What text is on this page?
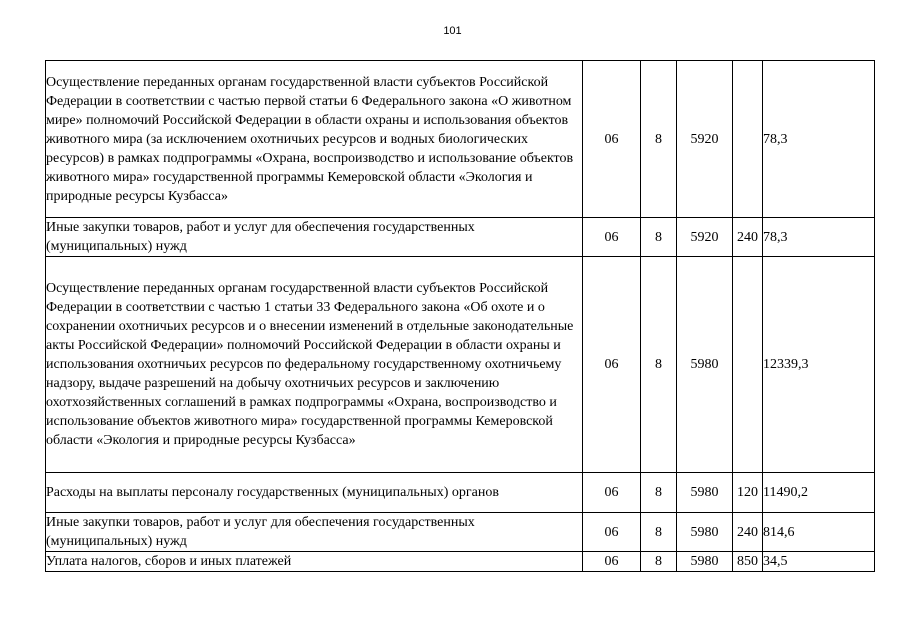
101
Осуществление переданных органам государственной власти субъектов Российской Федерации в соответствии с частью первой статьи 6 Федерального закона «О животном мире» полномочий Российской Федерации в области охраны и использования объектов животного мира (за исключением охотничьих ресурсов и водных биологических ресурсов) в рамках подпрограммы «Охрана, воспроизводство и использование объектов животного мира» государственной программы Кемеровской области «Экология и природные ресурсы Кузбасса»	06	8	5920		78,3
Иные закупки товаров, работ и услуг для обеспечения государственных (муниципальных) нужд	06	8	5920	240	78,3
Осуществление переданных органам государственной власти субъектов Российской Федерации в соответствии с частью 1 статьи 33 Федерального закона «Об охоте и о сохранении охотничьих ресурсов и о внесении изменений в отдельные законодательные акты Российской Федерации» полномочий Российской Федерации в области охраны и использования охотничьих ресурсов по федеральному государственному охотничьему надзору, выдаче разрешений на добычу охотничьих ресурсов и заключению охотхозяйственных соглашений в рамках подпрограммы «Охрана, воспроизводство и использование объектов животного мира» государственной программы Кемеровской области «Экология и природные ресурсы Кузбасса»	06	8	5980		12339,3
Расходы на выплаты персоналу государственных (муниципальных) органов	06	8	5980	120	11490,2
Иные закупки товаров, работ и услуг для обеспечения государственных (муниципальных) нужд	06	8	5980	240	814,6
Уплата налогов, сборов и иных платежей	06	8	5980	850	34,5
